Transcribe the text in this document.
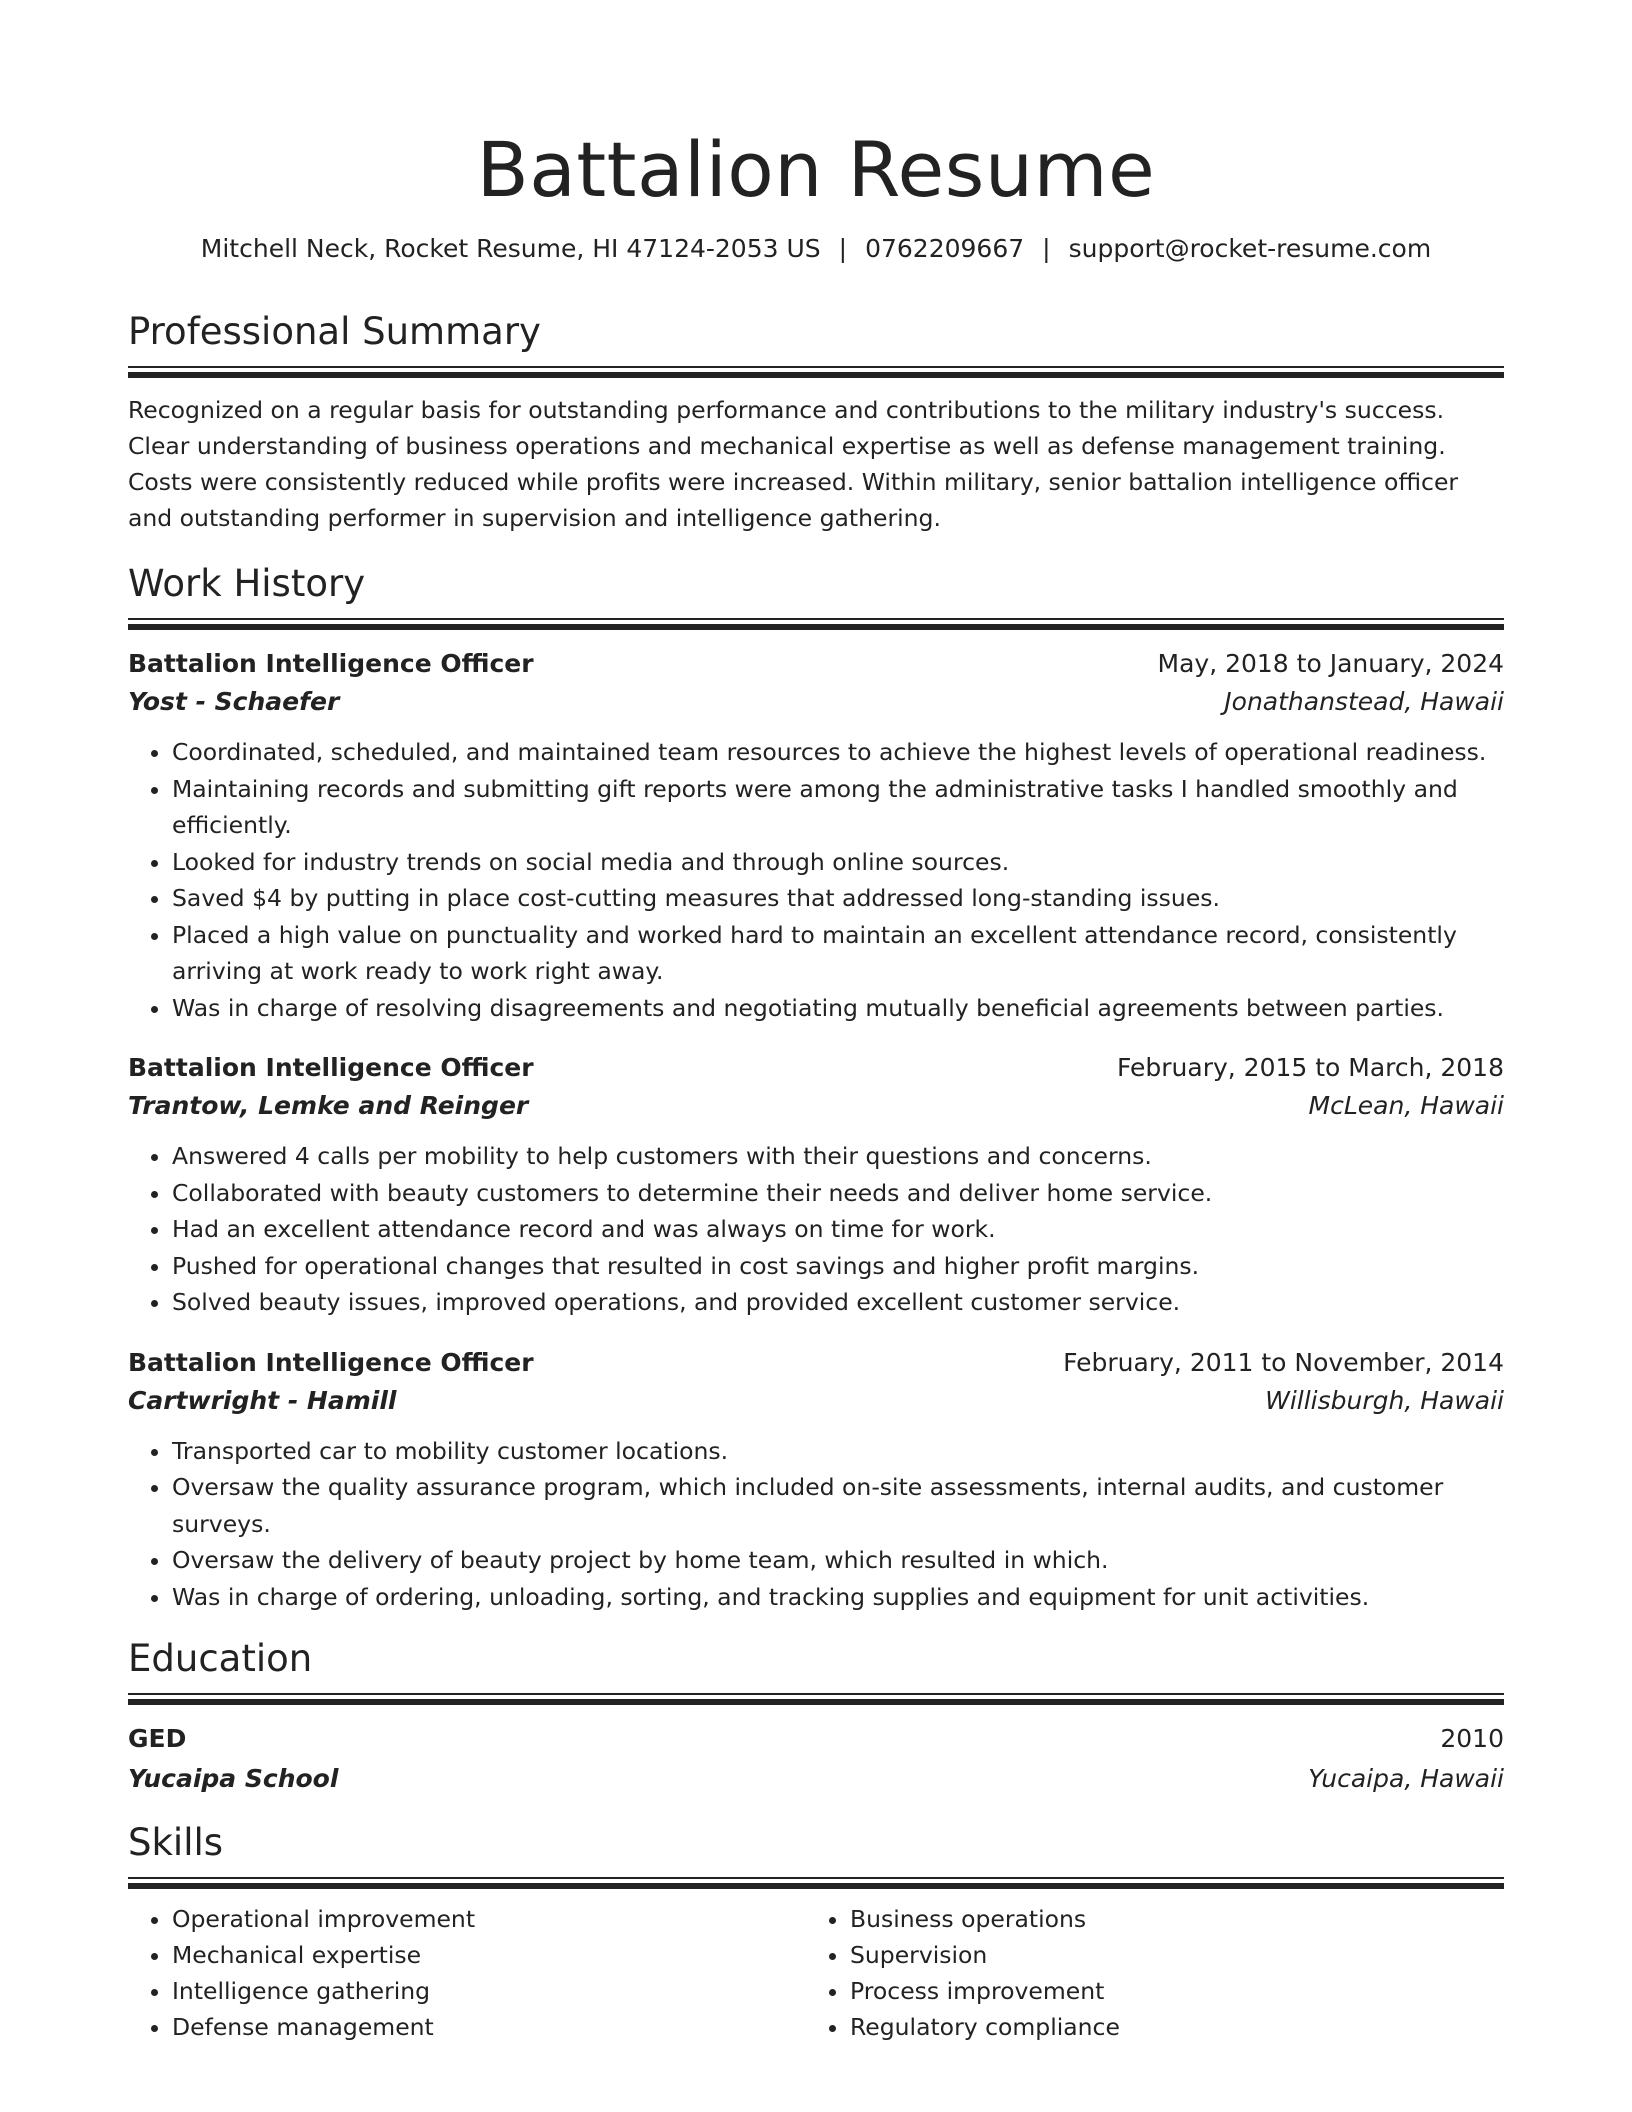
Battalion Resume
Mitchell Neck, Rocket Resume, HI 47124-2053 US | 0762209667 | support@rocket-resume.com
Professional Summary
Recognized on a regular basis for outstanding performance and contributions to the military industry's success. Clear understanding of business operations and mechanical expertise as well as defense management training. Costs were consistently reduced while profits were increased. Within military, senior battalion intelligence officer and outstanding performer in supervision and intelligence gathering.
Work History
Battalion Intelligence Officer	May, 2018 to January, 2024
Yost - Schaefer	Jonathanstead, Hawaii
• Coordinated, scheduled, and maintained team resources to achieve the highest levels of operational readiness.
• Maintaining records and submitting gift reports were among the administrative tasks I handled smoothly and efficiently.
• Looked for industry trends on social media and through online sources.
• Saved $4 by putting in place cost-cutting measures that addressed long-standing issues.
• Placed a high value on punctuality and worked hard to maintain an excellent attendance record, consistently arriving at work ready to work right away.
• Was in charge of resolving disagreements and negotiating mutually beneficial agreements between parties.
Battalion Intelligence Officer	February, 2015 to March, 2018
Trantow, Lemke and Reinger	McLean, Hawaii
• Answered 4 calls per mobility to help customers with their questions and concerns.
• Collaborated with beauty customers to determine their needs and deliver home service.
• Had an excellent attendance record and was always on time for work.
• Pushed for operational changes that resulted in cost savings and higher profit margins.
• Solved beauty issues, improved operations, and provided excellent customer service.
Battalion Intelligence Officer	February, 2011 to November, 2014
Cartwright - Hamill	Willisburgh, Hawaii
• Transported car to mobility customer locations.
• Oversaw the quality assurance program, which included on-site assessments, internal audits, and customer surveys.
• Oversaw the delivery of beauty project by home team, which resulted in which.
• Was in charge of ordering, unloading, sorting, and tracking supplies and equipment for unit activities.
Education
GED	2010
Yucaipa School	Yucaipa, Hawaii
Skills
• Operational improvement
• Mechanical expertise
• Intelligence gathering
• Defense management
• Business operations
• Supervision
• Process improvement
• Regulatory compliance
